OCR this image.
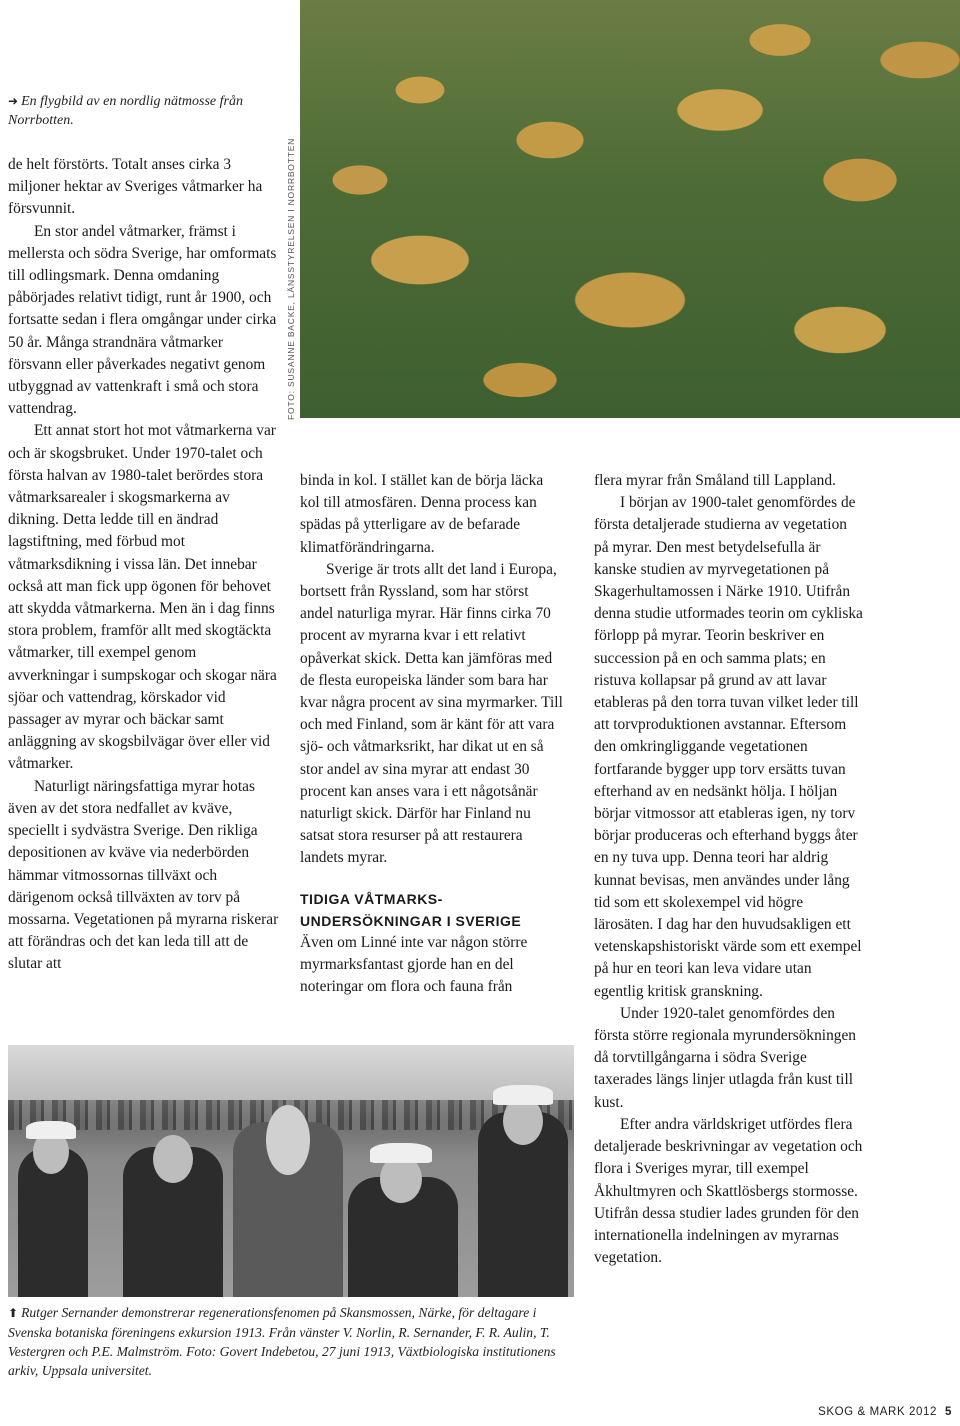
FOTO: SUSANNE BACKE, LÄNSSTYRELSEN I NORRBOTTEN
➜ En flygbild av en nordlig nätmosse från Norrbotten.

de helt förstörts. Totalt anses cirka 3 miljoner hektar av Sveriges våtmarker ha försvunnit.

En stor andel våtmarker, främst i mellersta och södra Sverige, har omformats till odlingsmark. Denna omdaning påbörjades relativt tidigt, runt år 1900, och fortsatte sedan i flera omgångar under cirka 50 år. Många strandnära våtmarker försvann eller påverkades negativt genom utbyggnad av vattenkraft i små och stora vattendrag.

Ett annat stort hot mot våtmarkerna var och är skogsbruket. Under 1970-talet och första halvan av 1980-talet berördes stora våtmarksarealer i skogsmarkerna av dikning. Detta ledde till en ändrad lagstiftning, med förbud mot våtmarksdikning i vissa län. Det innebar också att man fick upp ögonen för behovet att skydda våtmarkerna. Men än i dag finns stora problem, framför allt med skogtäckta våtmarker, till exempel genom avverkningar i sumpskogar och skogar nära sjöar och vattendrag, körskador vid passager av myrar och bäckar samt anläggning av skogsbilvägar över eller vid våtmarker.

Naturligt näringsfattiga myrar hotas även av det stora nedfallet av kväve, speciellt i sydvästra Sverige. Den rikliga depositionen av kväve via nederbörden hämmar vitmossornas tillväxt och därigenom också tillväxten av torv på mossarna. Vegetationen på myrarna riskerar att förändras och det kan leda till att de slutar att

binda in kol. I stället kan de börja läcka kol till atmosfären. Denna process kan spädas på ytterligare av de befarade klimatförändringarna.

Sverige är trots allt det land i Europa, bortsett från Ryssland, som har störst andel naturliga myrar. Här finns cirka 70 procent av myrarna kvar i ett relativt opåverkat skick. Detta kan jämföras med de flesta europeiska länder som bara har kvar några procent av sina myrmarker. Till och med Finland, som är känt för att vara sjö- och våtmarksrikt, har dikat ut en så stor andel av sina myrar att endast 30 procent kan anses vara i ett någotsånär naturligt skick. Därför har Finland nu satsat stora resurser på att restaurera landets myrar.

TIDIGA VÅTMARKS-UNDERSÖKNINGAR I SVERIGE

Även om Linné inte var någon större myrmarksfantast gjorde han en del noteringar om flora och fauna från

flera myrar från Småland till Lappland.

I början av 1900-talet genomfördes de första detaljerade studierna av vegetation på myrar. Den mest betydelsefulla är kanske studien av myrvegetationen på Skagerhultamossen i Närke 1910. Utifrån denna studie utformades teorin om cykliska förlopp på myrar. Teorin beskriver en succession på en och samma plats; en ristuva kollapsar på grund av att lavar etableras på den torra tuvan vilket leder till att torvproduktionen avstannar. Eftersom den omkringliggande vegetationen fortfarande bygger upp torv ersätts tuvan efterhand av en nedsänkt hölja. I höljan börjar vitmossor att etableras igen, ny torv börjar produceras och efterhand byggs åter en ny tuva upp. Denna teori har aldrig kunnat bevisas, men användes under lång tid som ett skolexempel vid högre lärosäten. I dag har den huvudsakligen ett vetenskapshistoriskt värde som ett exempel på hur en teori kan leva vidare utan egentlig kritisk granskning.

Under 1920-talet genomfördes den första större regionala myrundersökningen då torvtillgångarna i södra Sverige taxerades längs linjer utlagda från kust till kust.

Efter andra världskriget utfördes flera detaljerade beskrivningar av vegetation och flora i Sveriges myrar, till exempel Åkhultmyren och Skattlösbergs stormosse. Utifrån dessa studier lades grunden för den internationella indelningen av myrarnas vegetation.

⬆ Rutger Sernander demonstrerar regenerationsfenomen på Skansmossen, Närke, för deltagare i Svenska botaniska föreningens exkursion 1913. Från vänster V. Norlin, R. Sernander, F. R. Aulin, T. Vestergren och P.E. Malmström. Foto: Govert Indebetou, 27 juni 1913, Växtbiologiska institutionens arkiv, Uppsala universitet.
SKOG & MARK 2012 5
